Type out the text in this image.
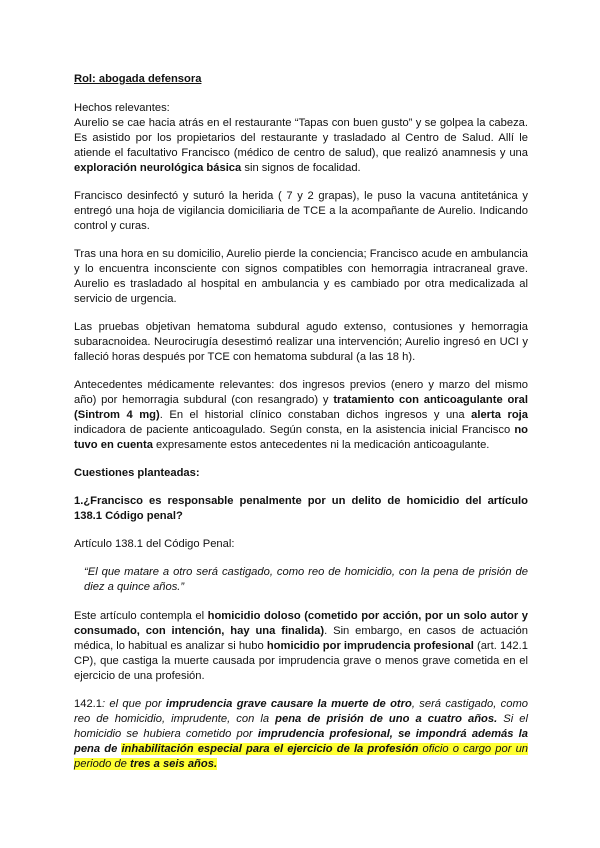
Rol: abogada defensora

Hechos relevantes:

Aurelio se cae hacia atrás en el restaurante “Tapas con buen gusto” y se golpea la cabeza. Es asistido por los propietarios del restaurante y trasladado al Centro de Salud. Allí le atiende el facultativo Francisco (médico de centro de salud), que realizó anamnesis y una exploración neurológica básica sin signos de focalidad.

Francisco desinfectó y suturó la herida ( 7 y 2 grapas), le puso la vacuna antitetánica y entregó una hoja de vigilancia domiciliaria de TCE a la acompañante de Aurelio. Indicando control y curas.

Tras una hora en su domicilio, Aurelio pierde la conciencia; Francisco acude en ambulancia y lo encuentra inconsciente con signos compatibles con hemorragia intracraneal grave. Aurelio es trasladado al hospital en ambulancia y es cambiado por otra medicalizada al servicio de urgencia.

Las pruebas objetivan hematoma subdural agudo extenso, contusiones y hemorragia subaracnoidea. Neurocirugía desestimó realizar una intervención; Aurelio ingresó en UCI y falleció horas después por TCE con hematoma subdural (a las 18 h).

Antecedentes médicamente relevantes: dos ingresos previos (enero y marzo del mismo año) por hemorragia subdural (con resangrado) y tratamiento con anticoagulante oral (Sintrom 4 mg). En el historial clínico constaban dichos ingresos y una alerta roja indicadora de paciente anticoagulado. Según consta, en la asistencia inicial Francisco no tuvo en cuenta expresamente estos antecedentes ni la medicación anticoagulante.

Cuestiones planteadas:

1.¿Francisco es responsable penalmente por un delito de homicidio del artículo 138.1 Código penal?

Artículo 138.1 del Código Penal:

“El que matare a otro será castigado, como reo de homicidio, con la pena de prisión de diez a quince años.”

Este artículo contempla el homicidio doloso (cometido por acción, por un solo autor y consumado, con intención, hay una finalida). Sin embargo, en casos de actuación médica, lo habitual es analizar si hubo homicidio por imprudencia profesional (art. 142.1 CP), que castiga la muerte causada por imprudencia grave o menos grave cometida en el ejercicio de una profesión.

142.1: el que por imprudencia grave causare la muerte de otro, será castigado, como reo de homicidio, imprudente, con la pena de prisión de uno a cuatro años. Si el homicidio se hubiera cometido por imprudencia profesional, se impondrá además la pena de inhabilitación especial para el ejercicio de la profesión oficio o cargo por un periodo de tres a seis años.
